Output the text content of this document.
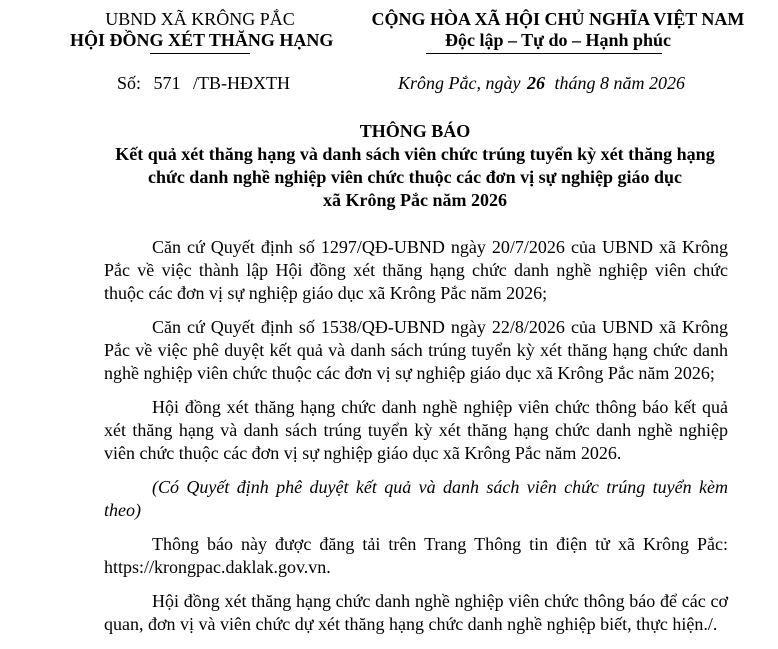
UBND XÃ KRÔNG PẮC
HỘI ĐỒNG XÉT THĂNG HẠNG
CỘNG HÒA XÃ HỘI CHỦ NGHĨA VIỆT NAM
Độc lập – Tự do – Hạnh phúc
Số: 571 /TB-HĐXTH	Krông Pắc, ngày 26 tháng 8 năm 2026
THÔNG BÁO
Kết quả xét thăng hạng và danh sách viên chức trúng tuyển kỳ xét thăng hạng
chức danh nghề nghiệp viên chức thuộc các đơn vị sự nghiệp giáo dục
xã Krông Pắc năm 2026

Căn cứ Quyết định số 1297/QĐ-UBND ngày 20/7/2026 của UBND xã Krông Pắc về việc thành lập Hội đồng xét thăng hạng chức danh nghề nghiệp viên chức thuộc các đơn vị sự nghiệp giáo dục xã Krông Pắc năm 2026;

Căn cứ Quyết định số 1538/QĐ-UBND ngày 22/8/2026 của UBND xã Krông Pắc về việc phê duyệt kết quả và danh sách trúng tuyển kỳ xét thăng hạng chức danh nghề nghiệp viên chức thuộc các đơn vị sự nghiệp giáo dục xã Krông Pắc năm 2026;

Hội đồng xét thăng hạng chức danh nghề nghiệp viên chức thông báo kết quả xét thăng hạng và danh sách trúng tuyển kỳ xét thăng hạng chức danh nghề nghiệp viên chức thuộc các đơn vị sự nghiệp giáo dục xã Krông Pắc năm 2026.

(Có Quyết định phê duyệt kết quả và danh sách viên chức trúng tuyển kèm theo)

Thông báo này được đăng tải trên Trang Thông tin điện tử xã Krông Pắc: https://krongpac.daklak.gov.vn.

Hội đồng xét thăng hạng chức danh nghề nghiệp viên chức thông báo để các cơ quan, đơn vị và viên chức dự xét thăng hạng chức danh nghề nghiệp biết, thực hiện./.
